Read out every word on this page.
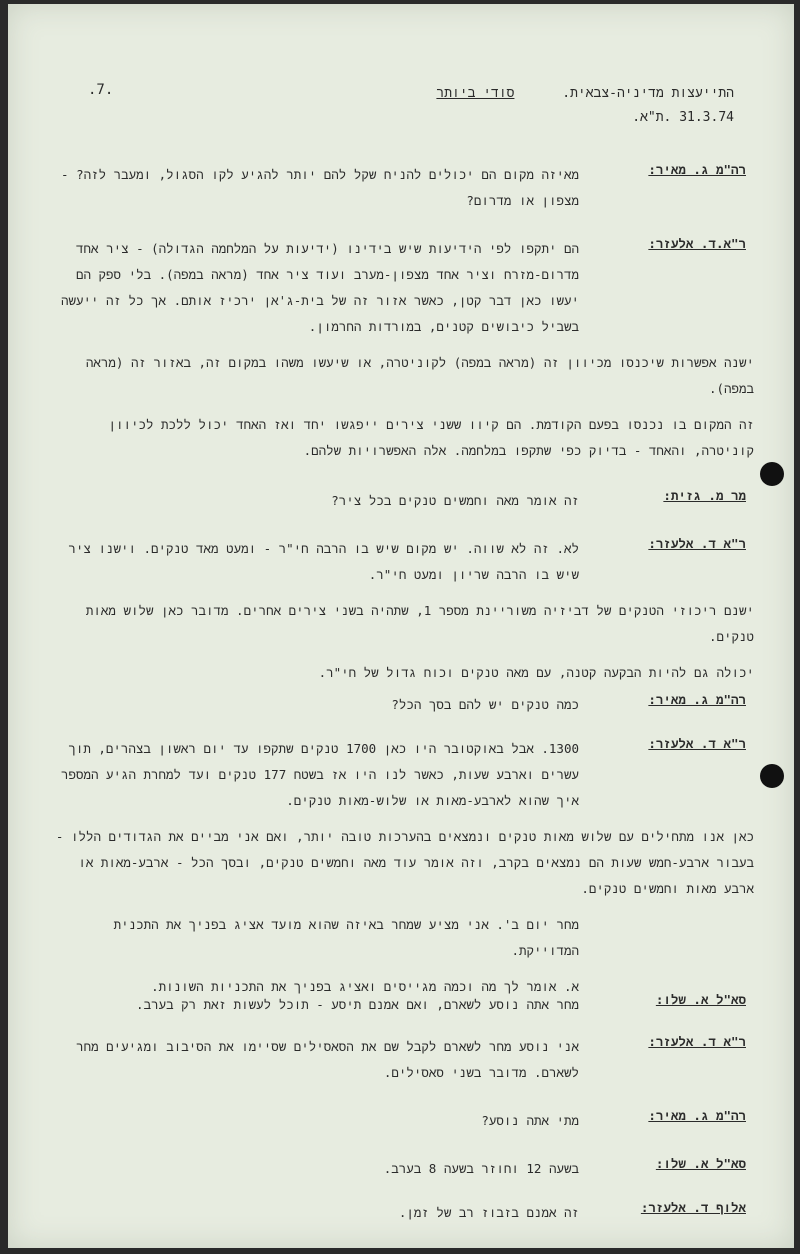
.7.	התייעצות מדיניה-צבאית. סודי ביותר
31.3.74 .ת"א.
רה"מ ג. מאיר:

מאיזה מקום הם יכולים להניח שקל להם יותר להגיע לקו הסגול, ומעבר לזה? - מצפון או מדרום?

ר"א.ד. אלעזר:

הם יתקפו לפי הידיעות שיש בידינו (ידיעות על המלחמה הגדולה) - ציר אחד מדרום-מזרח וציר אחד מצפון-מערב ועוד ציר אחד (מראה במפה). בלי ספק הם יעשו כאן דבר קטן, כאשר אזור זה של בית-ג'אן ירכיז אותם. אך כל זה ייעשה בשביל כיבושים קטנים, במורדות החרמון.

ישנה אפשרות שיכנסו מכיוון זה (מראה במפה) לקוניטרה, או שיעשו משהו במקום זה, באזור זה (מראה במפה).

זה המקום בו נכנסו בפעם הקודמת. הם קיוו ששני צירים ייפגשו יחד ואז האחד יכול ללכת לכיוון קוניטרה, והאחד - בדיוק כפי שתקפו במלחמה. אלה האפשרויות שלהם.

מר מ. גזית:

זה אומר מאה וחמשים טנקים בכל ציר?

ר"א ד. אלעזר:

לא. זה לא שווה. יש מקום שיש בו הרבה חי"ר - ומעט מאד טנקים. וישנו ציר שיש בו הרבה שריון ומעט חי"ר.

ישנם ריכוזי הטנקים של דביזיה משוריינת מספר 1, שתהיה בשני צירים אחרים. מדובר כאן שלוש מאות טנקים.

יכולה גם להיות הבקעה קטנה, עם מאה טנקים וכוח גדול של חי"ר.

רה"מ ג. מאיר:

כמה טנקים יש להם בסך הכל?

ר"א ד. אלעזר:

1300. אבל באוקטובר היו כאן 1700 טנקים שתקפו עד יום ראשון בצהרים, תוך עשרים וארבע שעות, כאשר לנו היו אז בשטח 177 טנקים ועד למחרת הגיע המספר איך שהוא לארבע-מאות או שלוש-מאות טנקים.

כאן אנו מתחילים עם שלוש מאות טנקים ונמצאים בהערכות טובה יותר, ואם אני מביים את הגדודים הללו - בעבור ארבע-חמש שעות הם נמצאים בקרב, וזה אומר עוד מאה וחמשים טנקים, ובסך הכל - ארבע-מאות או ארבע מאות וחמשים טנקים.

מחר יום ב'. אני מציע שמחר באיזה שהוא מועד אציג בפניך את התכנית המדוייקת.

א. אומר לך מה וכמה מגייסים ואציג בפניך את התכניות השונות.

סא"ל א. שלו:

מחר אתה נוסע לשארם, ואם אמנם תיסע - תוכל לעשות זאת רק בערב.

ר"א ד. אלעזר:

אני נוסע מחר לשארם לקבל שם את הסאסילים שסיימו את הסיבוב ומגיעים מחר לשארם. מדובר בשני סאסילים.

רה"מ ג. מאיר:

מתי אתה נוסע?

סא"ל א. שלו:

בשעה 12 וחוזר בשעה 8 בערב.

אלוף ד. אלעזר:

זה אמנם בזבוז רב של זמן.
